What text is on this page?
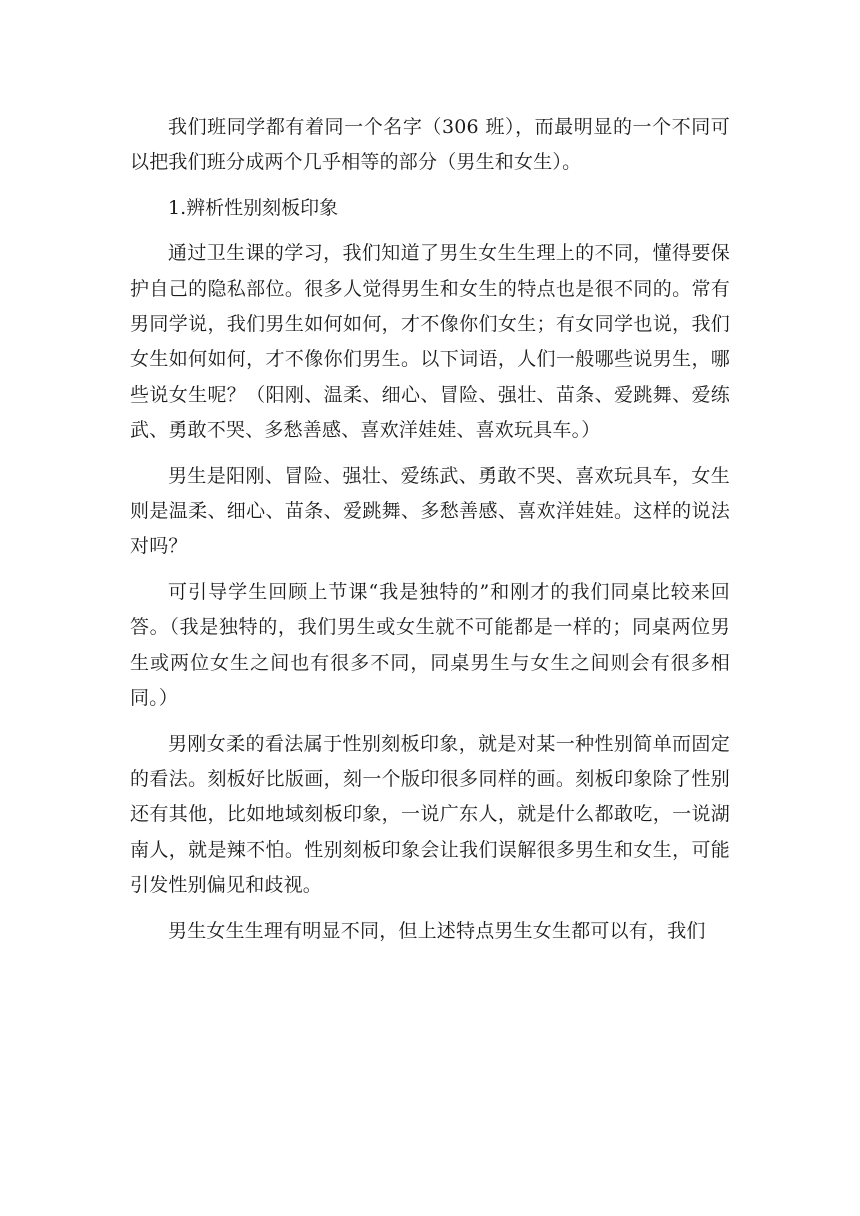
我们班同学都有着同一个名字（306 班），而最明显的一个不同可以把我们班分成两个几乎相等的部分（男生和女生）。

1.辨析性别刻板印象

通过卫生课的学习，我们知道了男生女生生理上的不同，懂得要保护自己的隐私部位。很多人觉得男生和女生的特点也是很不同的。常有男同学说，我们男生如何如何，才不像你们女生；有女同学也说，我们女生如何如何，才不像你们男生。以下词语，人们一般哪些说男生，哪些说女生呢？（阳刚、温柔、细心、冒险、强壮、苗条、爱跳舞、爱练武、勇敢不哭、多愁善感、喜欢洋娃娃、喜欢玩具车。）

男生是阳刚、冒险、强壮、爱练武、勇敢不哭、喜欢玩具车，女生则是温柔、细心、苗条、爱跳舞、多愁善感、喜欢洋娃娃。这样的说法对吗？

可引导学生回顾上节课“我是独特的”和刚才的我们同桌比较来回答。（我是独特的，我们男生或女生就不可能都是一样的；同桌两位男生或两位女生之间也有很多不同，同桌男生与女生之间则会有很多相同。）

男刚女柔的看法属于性别刻板印象，就是对某一种性别简单而固定的看法。刻板好比版画，刻一个版印很多同样的画。刻板印象除了性别还有其他，比如地域刻板印象，一说广东人，就是什么都敢吃，一说湖南人，就是辣不怕。性别刻板印象会让我们误解很多男生和女生，可能引发性别偏见和歧视。

男生女生生理有明显不同，但上述特点男生女生都可以有，我们
